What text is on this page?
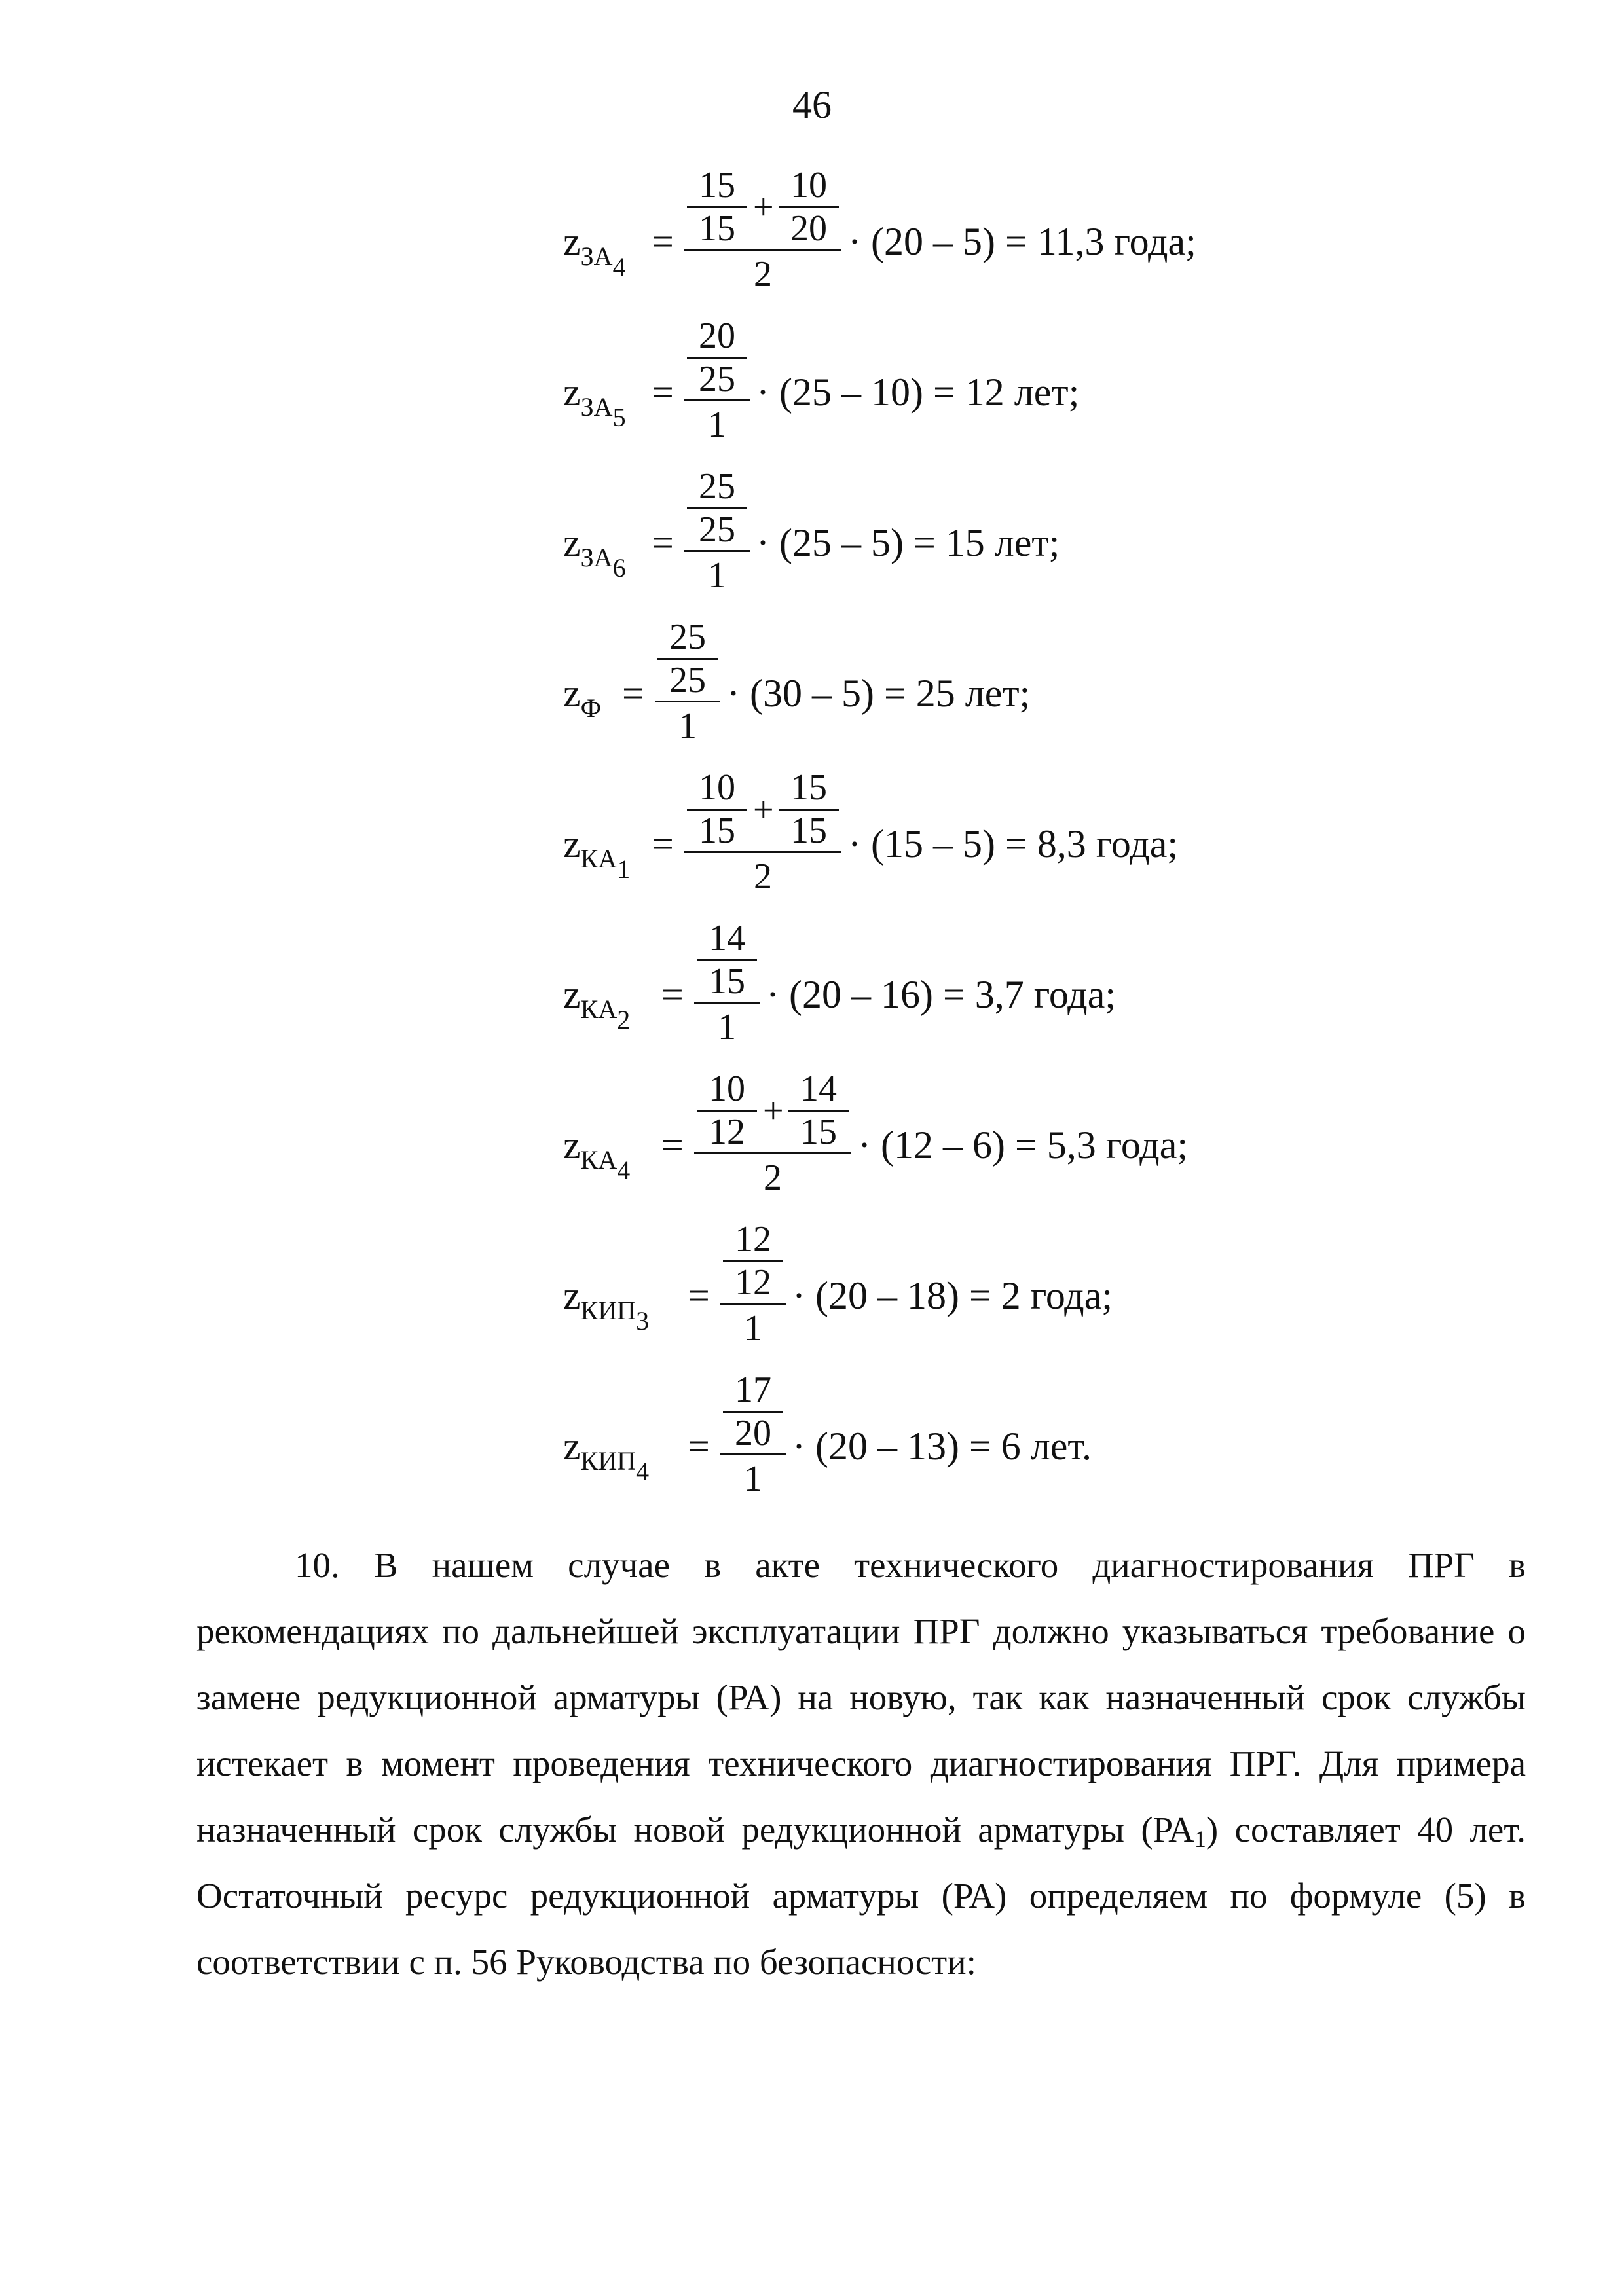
46
$z_{ЗА_4}$
=
15
15
+
10
20
2
· (20 – 5) = 11,3 года;
$z_{ЗА_5}$
=
20
25
1
· (25 – 10) = 12 лет;
$z_{ЗА_6}$
=
25
25
1
· (25 – 5) = 15 лет;
$z_Ф$ =
25
25
1
· (30 – 5) = 25 лет;
$z_{КА_1}$
=
10
15
+
15
15
2
· (15 – 5) = 8,3 года;
$z_{КА_2}$
=
14
15
1
· (20 – 16) = 3,7 года;
$z_{КА_4}$
=
10
12
+
14
15
2
· (12 – 6) = 5,3 года;
$z_{КИП_3}$
=
12
12
1
· (20 – 18) = 2 года;
$z_{КИП_4}$
=
17
20
1
· (20 – 13) = 6 лет.

10. В нашем случае в акте технического диагностирования ПРГ в рекомендациях по дальнейшей эксплуатации ПРГ должно указываться требование о замене редукционной арматуры (РА) на новую, так как назначенный срок службы истекает в момент проведения технического диагностирования ПРГ. Для примера назначенный срок службы новой редукционной арматуры $(РА_1)$ составляет 40 лет. Остаточный ресурс редукционной арматуры (РА) определяем по формуле (5) в соответствии с п. 56 Руководства по безопасности:
